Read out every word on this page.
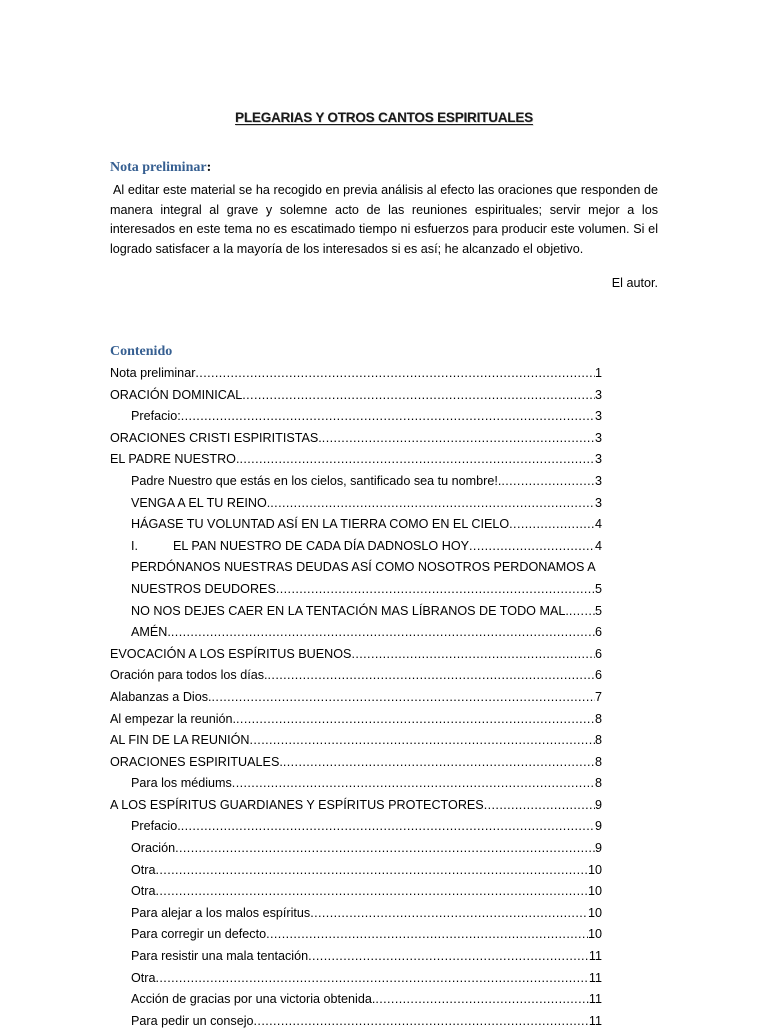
PLEGARIAS Y OTROS CANTOS ESPIRITUALES
Nota preliminar:

Al editar este material se ha recogido en previa análisis al efecto las oraciones que responden de manera integral al grave y solemne acto de las reuniones espirituales; servir mejor a los interesados en este tema no es escatimado tiempo ni esfuerzos para producir este volumen. Si el logrado satisfacer a la mayoría de los interesados si es así; he alcanzado el objetivo.

El autor.
Contenido
Nota preliminar .....	1
ORACIÓN DOMINICAL .....	3
Prefacio: .....	3
ORACIONES CRISTI ESPIRITISTAS. .....	3
EL PADRE NUESTRO. .....	3
Padre Nuestro que estás en los cielos, santificado sea tu nombre!. .....	3
VENGA A EL TU REINO. .....	3
HÁGASE TU VOLUNTAD ASÍ EN LA TIERRA COMO EN EL CIELO .....	4
I.	EL PAN NUESTRO DE CADA DÍA DADNOSLO HOY .....	4
PERDÓNANOS NUESTRAS DEUDAS ASÍ COMO NOSOTROS PERDONAMOS A
NUESTROS DEUDORES .....	5
NO NOS DEJES CAER EN LA TENTACIÓN MAS LÍBRANOS DE TODO MAL. ..... 5
AMÉN. .....	6
EVOCACIÓN A LOS ESPÍRITUS BUENOS .....	6
Oración para todos los días. .....	6
Alabanzas a Dios. .....	7
Al empezar la reunión. .....	8
AL FIN DE LA REUNIÓN .....	8
ORACIONES ESPIRITUALES. .....	8
Para los médiums .....	8
A LOS ESPÍRITUS GUARDIANES Y ESPÍRITUS PROTECTORES .....	9
Prefacio. .....	9
Oración .....	9
Otra .....	10
Otra .....	10
Para alejar a los malos espíritus .....	10
Para corregir un defecto .....	10
Para resistir una mala tentación .....	11
Otra .....	11
Acción de gracias por una victoria obtenida. .....	11
Para pedir un consejo .....	11
